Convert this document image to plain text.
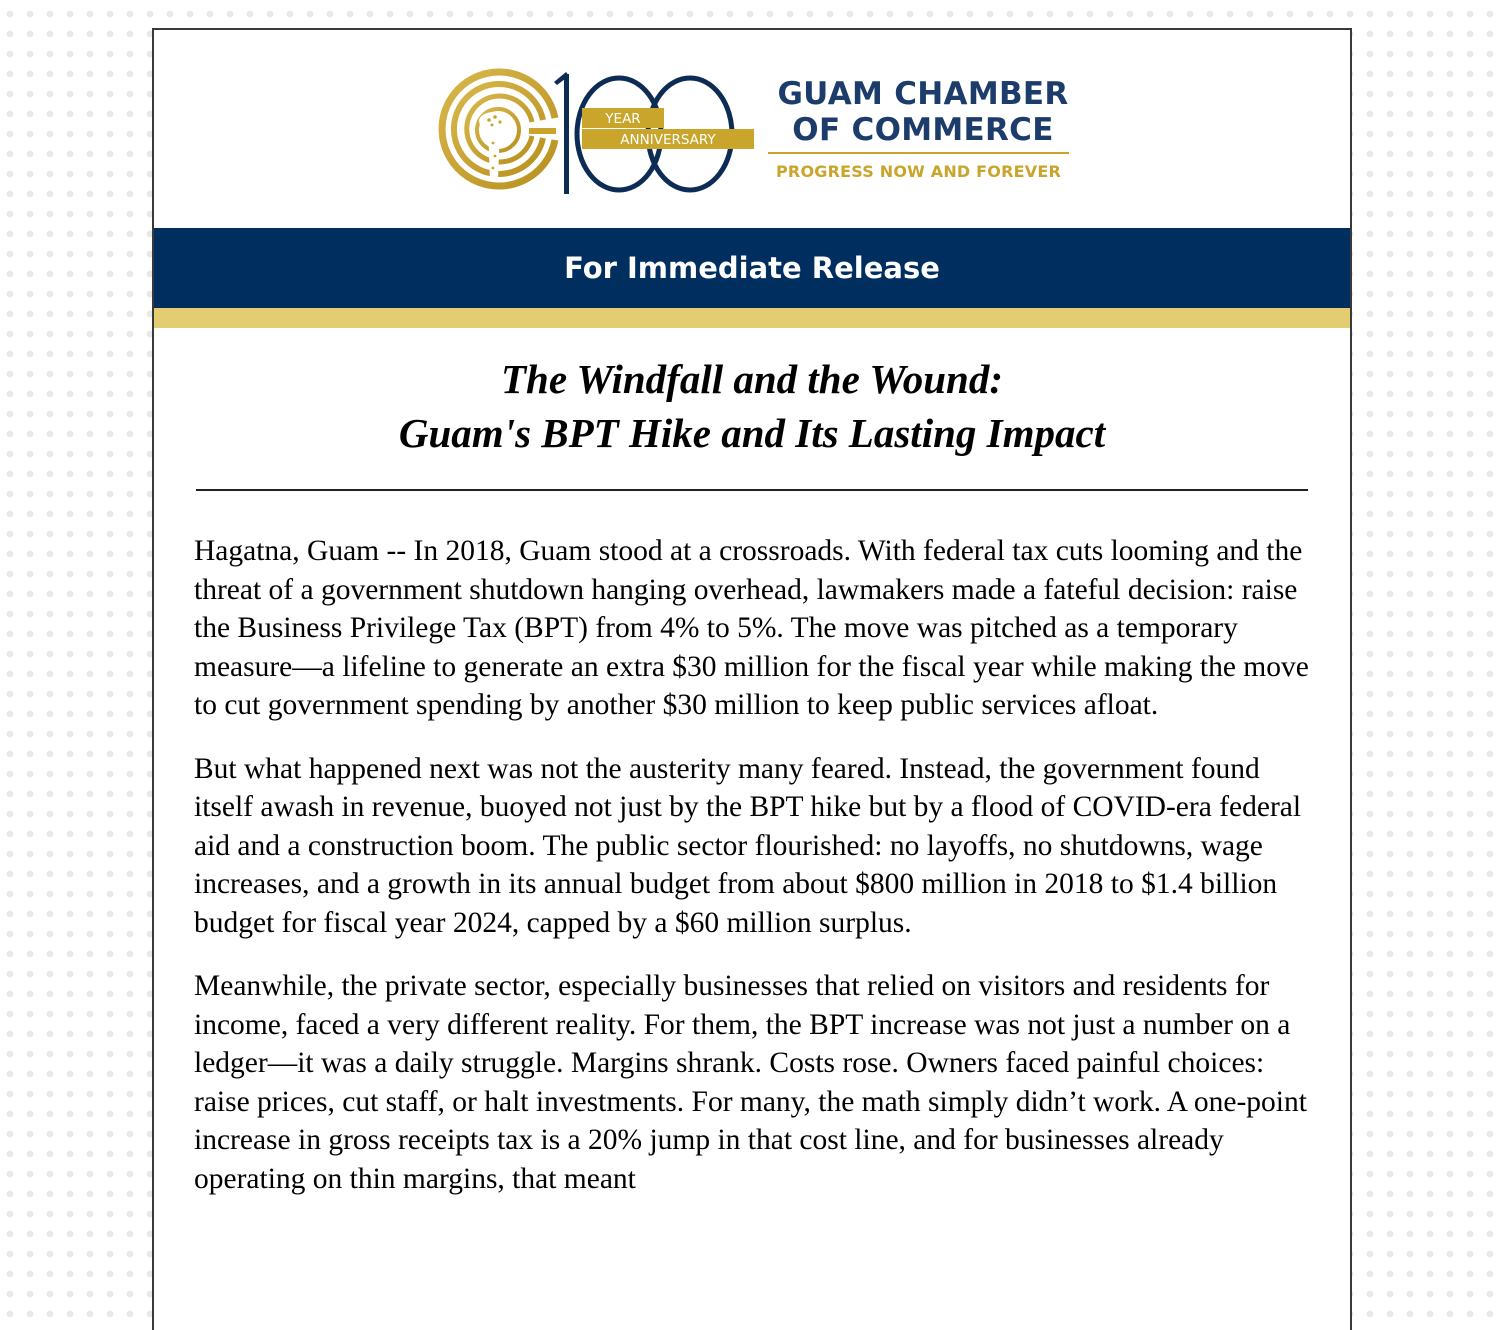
YEAR
ANNIVERSARY
GUAM CHAMBER
OF COMMERCE
PROGRESS NOW AND FOREVER
For Immediate Release
The Windfall and the Wound:
Guam's BPT Hike and Its Lasting Impact

Hagatna, Guam -- In 2018, Guam stood at a crossroads. With federal tax cuts looming and the threat of a government shutdown hanging overhead, lawmakers made a fateful decision: raise the Business Privilege Tax (BPT) from 4% to 5%. The move was pitched as a temporary measure—a lifeline to generate an extra $30 million for the fiscal year while making the move to cut government spending by another $30 million to keep public services afloat.

But what happened next was not the austerity many feared. Instead, the government found itself awash in revenue, buoyed not just by the BPT hike but by a flood of COVID-era federal aid and a construction boom. The public sector flourished: no layoffs, no shutdowns, wage increases, and a growth in its annual budget from about $800 million in 2018 to $1.4 billion budget for fiscal year 2024, capped by a $60 million surplus.

Meanwhile, the private sector, especially businesses that relied on visitors and residents for income, faced a very different reality. For them, the BPT increase was not just a number on a ledger—it was a daily struggle. Margins shrank. Costs rose. Owners faced painful choices: raise prices, cut staff, or halt investments. For many, the math simply didn’t work. A one-point increase in gross receipts tax is a 20% jump in that cost line, and for businesses already operating on thin margins, that meant
